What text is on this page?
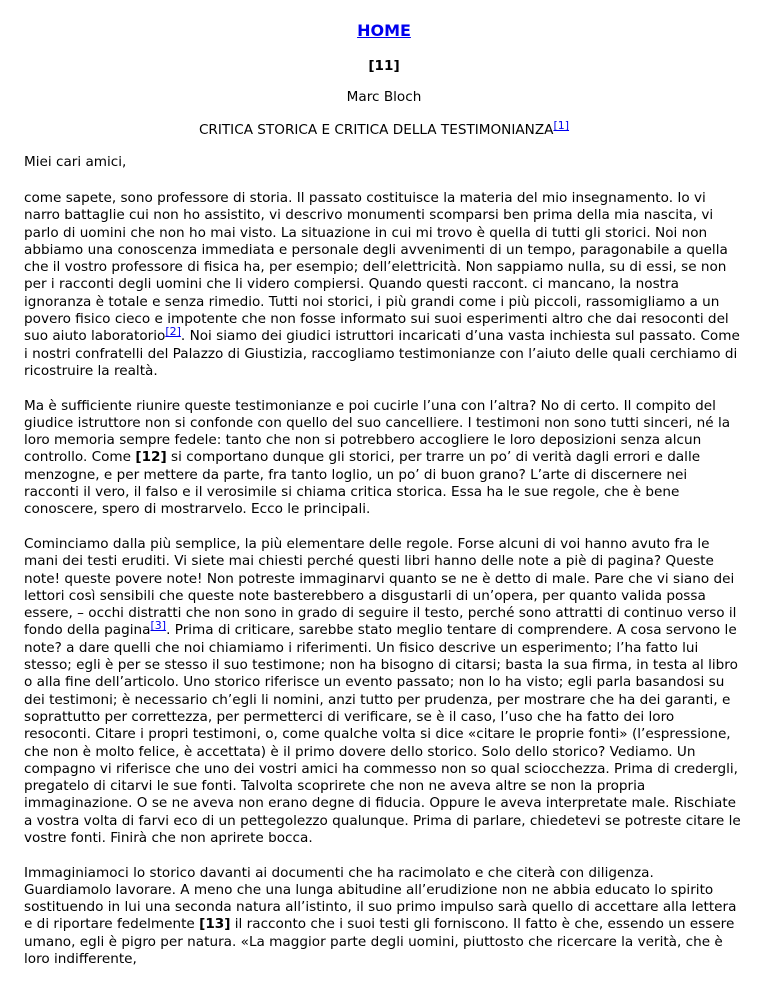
HOME
[11]
Marc Bloch
CRITICA STORICA E CRITICA DELLA TESTIMONIANZA[1]
Miei cari amici,

come sapete, sono professore di storia. Il passato costituisce la materia del mio insegnamento. Io vi narro battaglie cui non ho assistito, vi descrivo monumenti scomparsi ben prima della mia nascita, vi parlo di uomini che non ho mai visto. La situazione in cui mi trovo è quella di tutti gli storici. Noi non abbiamo una conoscenza immediata e personale degli avvenimenti di un tempo, paragonabile a quella che il vostro professore di fisica ha, per esempio; dell’elettricità. Non sappiamo nulla, su di essi, se non per i racconti degli uomini che li videro compiersi. Quando questi raccont. ci mancano, la nostra ignoranza è totale e senza rimedio. Tutti noi storici, i più grandi come i più piccoli, rassomigliamo a un povero fisico cieco e impotente che non fosse informato sui suoi esperimenti altro che dai resoconti del suo aiuto laboratorio[2]. Noi siamo dei giudici istruttori incaricati d’una vasta inchiesta sul passato. Come i nostri confratelli del Palazzo di Giustizia, raccogliamo testimonianze con l’aiuto delle quali cerchiamo di ricostruire la realtà.

Ma è sufficiente riunire queste testimonianze e poi cucirle l’una con l’altra? No di certo. Il compito del giudice istruttore non si confonde con quello del suo cancelliere. I testimoni non sono tutti sinceri, né la loro memoria sempre fedele: tanto che non si potrebbero accogliere le loro deposizioni senza alcun controllo. Come [12] si comportano dunque gli storici, per trarre un po’ di verità dagli errori e dalle menzogne, e per mettere da parte, fra tanto loglio, un po’ di buon grano? L’arte di discernere nei racconti il vero, il falso e il verosimile si chiama critica storica. Essa ha le sue regole, che è bene conoscere, spero di mostrarvelo. Ecco le principali.

Cominciamo dalla più semplice, la più elementare delle regole. Forse alcuni di voi hanno avuto fra le mani dei testi eruditi. Vi siete mai chiesti perché questi libri hanno delle note a piè di pagina? Queste note! queste povere note! Non potreste immaginarvi quanto se ne è detto di male. Pare che vi siano dei lettori così sensibili che queste note basterebbero a disgustarli di un’opera, per quanto valida possa essere, – occhi distratti che non sono in grado di seguire il testo, perché sono attratti di continuo verso il fondo della pagina[3]. Prima di criticare, sarebbe stato meglio tentare di comprendere. A cosa servono le note? a dare quelli che noi chiamiamo i riferimenti. Un fisico descrive un esperimento; l’ha fatto lui stesso; egli è per se stesso il suo testimone; non ha bisogno di citarsi; basta la sua firma, in testa al libro o alla fine dell’articolo. Uno storico riferisce un evento passato; non lo ha visto; egli parla basandosi su dei testimoni; è necessario ch’egli li nomini, anzi tutto per prudenza, per mostrare che ha dei garanti, e soprattutto per correttezza, per permetterci di verificare, se è il caso, l’uso che ha fatto dei loro resoconti. Citare i propri testimoni, o, come qualche volta si dice «citare le proprie fonti» (l’espressione, che non è molto felice, è accettata) è il primo dovere dello storico. Solo dello storico? Vediamo. Un compagno vi riferisce che uno dei vostri amici ha commesso non so qual sciocchezza. Prima di credergli, pregatelo di citarvi le sue fonti. Talvolta scoprirete che non ne aveva altre se non la propria immaginazione. O se ne aveva non erano degne di fiducia. Oppure le aveva interpretate male. Rischiate a vostra volta di farvi eco di un pettegolezzo qualunque. Prima di parlare, chiedetevi se potreste citare le vostre fonti. Finirà che non aprirete bocca.

Immaginiamoci lo storico davanti ai documenti che ha racimolato e che citerà con diligenza. Guardiamolo lavorare. A meno che una lunga abitudine all’erudizione non ne abbia educato lo spirito sostituendo in lui una seconda natura all’istinto, il suo primo impulso sarà quello di accettare alla lettera e di riportare fedelmente [13] il racconto che i suoi testi gli forniscono. Il fatto è che, essendo un essere umano, egli è pigro per natura. «La maggior parte degli uomini, piuttosto che ricercare la verità, che è loro indifferente,
